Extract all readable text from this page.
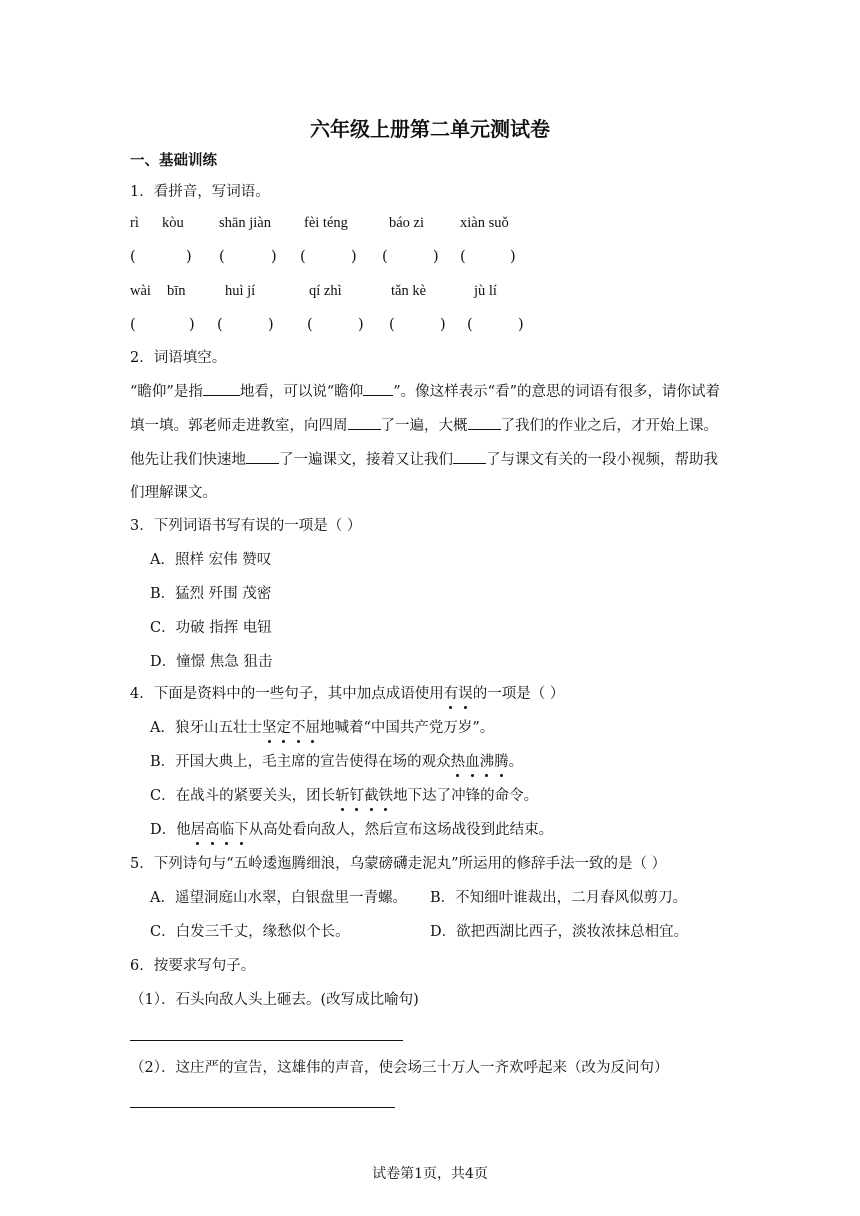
六年级上册第二单元测试卷
一、基础训练
1．看拼音，写词语。
rì kòu shān jiàn fèi téng	báo zi xiàn suǒ
(	) (	) (	) (	) (	)
wài bīn	huì jí	qí zhì	tǎn kè	jù lí
(	) (	) (	) (	) (	)
2．词语填空。
“瞻仰”是指	地看，可以说“瞻仰 ”。像这样表示“看”的意思的词语有很多，请你试着
填一填。郭老师走进教室，向四周 了一遍，大概 了我们的作业之后，才开始上课。
他先让我们快速地 了一遍课文，接着又让我们 了与课文有关的一段小视频，帮助我
们理解课文。
3．下列词语书写有误的一项是（ ）
A．照样 宏伟 赞叹
B．猛烈 歼围 茂密
C．功破 指挥 电钮
D．憧憬 焦急 狙击
4．下面是资料中的一些句子，其中加点成语使用有误的一项是（ ）
A．狼牙山五壮士坚定不屈地喊着“中国共产党万岁”。
B．开国大典上，毛主席的宣告使得在场的观众热血沸腾。
C．在战斗的紧要关头，团长斩钉截铁地下达了冲锋的命令。
D．他居高临下从高处看向敌人，然后宣布这场战役到此结束。
5．下列诗句与“五岭逶迤腾细浪，乌蒙磅礴走泥丸”所运用的修辞手法一致的是（ ）
A．遥望洞庭山水翠，白银盘里一青螺。 B．不知细叶谁裁出，二月春风似剪刀。
C．白发三千丈，缘愁似个长。	D．欲把西湖比西子，淡妆浓抹总相宜。
6．按要求写句子。
（1）．石头向敌人头上砸去。(改写成比喻句)
（2）．这庄严的宣告，这雄伟的声音，使会场三十万人一齐欢呼起来（改为反问句）
试卷第1页，共4页
